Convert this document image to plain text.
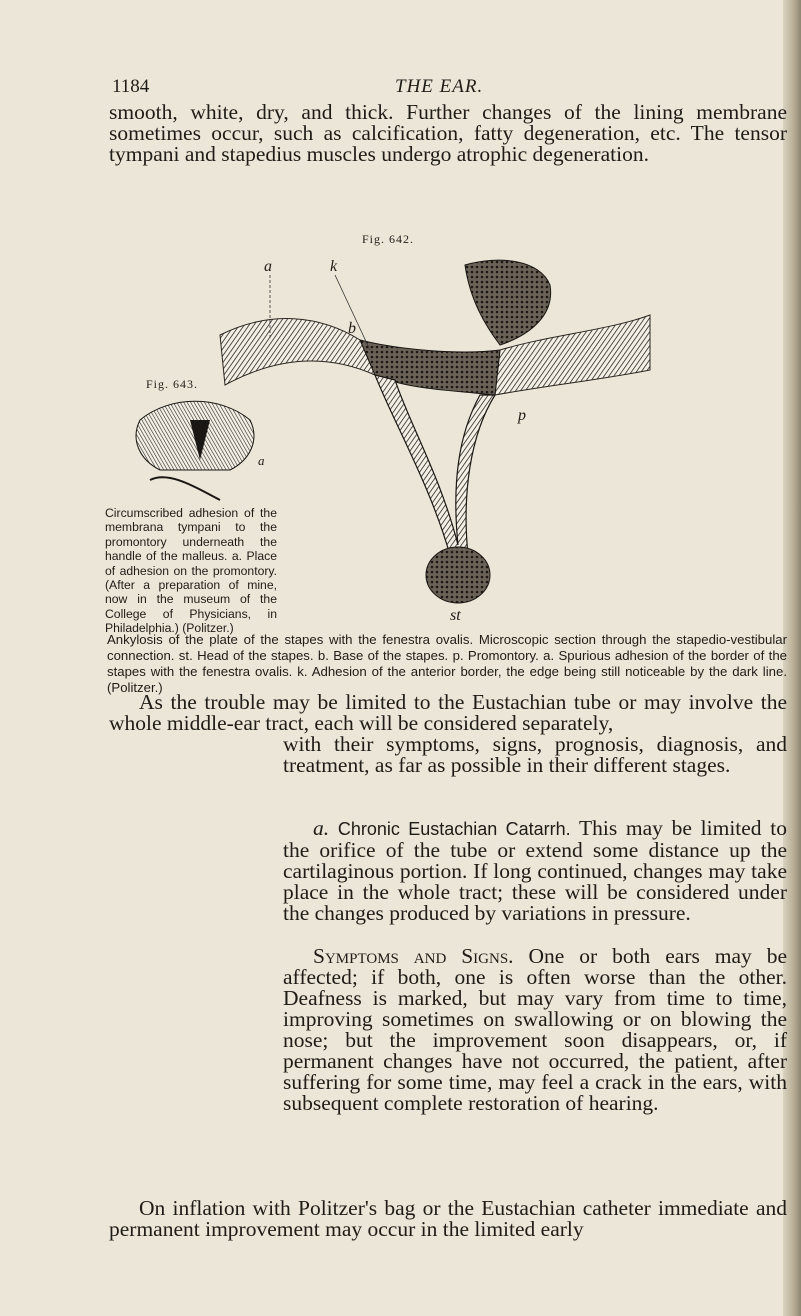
1184	THE EAR.

smooth, white, dry, and thick. Further changes of the lining membrane sometimes occur, such as calcification, fatty degeneration, etc. The tensor tympani and stapedius muscles undergo atrophic degeneration.

Fig. 642.
a	k
b
p
st

Ankylosis of the plate of the stapes with the fenestra ovalis. Microscopic section through the stapedio-vestibular connection. st. Head of the stapes. b. Base of the stapes. p. Promontory. a. Spurious adhesion of the border of the stapes with the fenestra ovalis. k. Adhesion of the anterior border, the edge being still noticeable by the dark line. (Politzer.)

As the trouble may be limited to the Eustachian tube or may involve the whole middle-ear tract, each will be considered separately,

Fig. 643.
a

Circumscribed adhesion of the membrana tympani to the promontory underneath the handle of the malleus. a. Place of adhesion on the promontory. (After a preparation of mine, now in the museum of the College of Physicians, in Philadelphia.) (Politzer.)

with their symptoms, signs, prognosis, diagnosis, and treatment, as far as possible in their different stages.

a. Chronic Eustachian Catarrh. This may be limited to the orifice of the tube or extend some distance up the cartilaginous portion. If long continued, changes may take place in the whole tract; these will be considered under the changes produced by variations in pressure.

Symptoms and Signs. One or both ears may be affected; if both, one is often worse than the other. Deafness is marked, but may vary from time to time, improving sometimes on swallowing or on blowing the nose; but the improvement soon disappears, or, if permanent changes have not occurred, the patient, after suffering for some time, may feel a crack in the ears, with subsequent complete restoration of hearing.

On inflation with Politzer's bag or the Eustachian catheter immediate and permanent improvement may occur in the limited early
